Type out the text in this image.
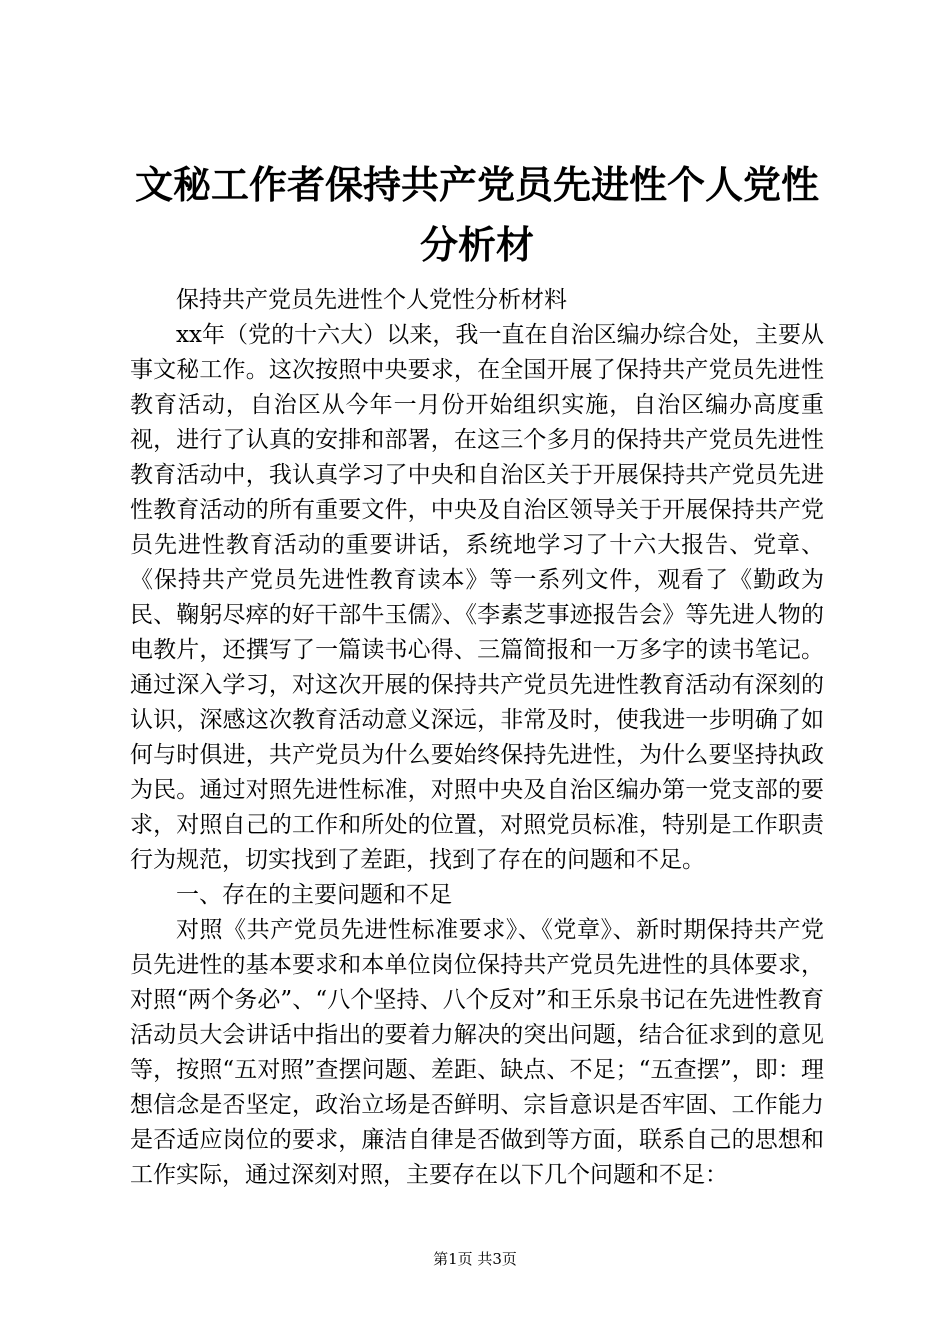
文秘工作者保持共产党员先进性个人党性分析材

保持共产党员先进性个人党性分析材料

xx年（党的十六大）以来，我一直在自治区编办综合处，主要从事文秘工作。这次按照中央要求，在全国开展了保持共产党员先进性教育活动，自治区从今年一月份开始组织实施，自治区编办高度重视，进行了认真的安排和部署，在这三个多月的保持共产党员先进性教育活动中，我认真学习了中央和自治区关于开展保持共产党员先进性教育活动的所有重要文件，中央及自治区领导关于开展保持共产党员先进性教育活动的重要讲话，系统地学习了十六大报告、党章、《保持共产党员先进性教育读本》等一系列文件，观看了《勤政为民、鞠躬尽瘁的好干部牛玉儒》、《李素芝事迹报告会》等先进人物的电教片，还撰写了一篇读书心得、三篇简报和一万多字的读书笔记。通过深入学习，对这次开展的保持共产党员先进性教育活动有深刻的认识，深感这次教育活动意义深远，非常及时，使我进一步明确了如何与时俱进，共产党员为什么要始终保持先进性，为什么要坚持执政为民。通过对照先进性标准，对照中央及自治区编办第一党支部的要求，对照自己的工作和所处的位置，对照党员标准，特别是工作职责行为规范，切实找到了差距，找到了存在的问题和不足。

一、存在的主要问题和不足

对照《共产党员先进性标准要求》、《党章》、新时期保持共产党员先进性的基本要求和本单位岗位保持共产党员先进性的具体要求，对照“两个务必”、“八个坚持、八个反对”和王乐泉书记在先进性教育活动员大会讲话中指出的要着力解决的突出问题，结合征求到的意见等，按照“五对照”查摆问题、差距、缺点、不足；“五查摆”，即：理想信念是否坚定，政治立场是否鲜明、宗旨意识是否牢固、工作能力是否适应岗位的要求，廉洁自律是否做到等方面，联系自己的思想和工作实际，通过深刻对照，主要存在以下几个问题和不足：

第1页 共3页
